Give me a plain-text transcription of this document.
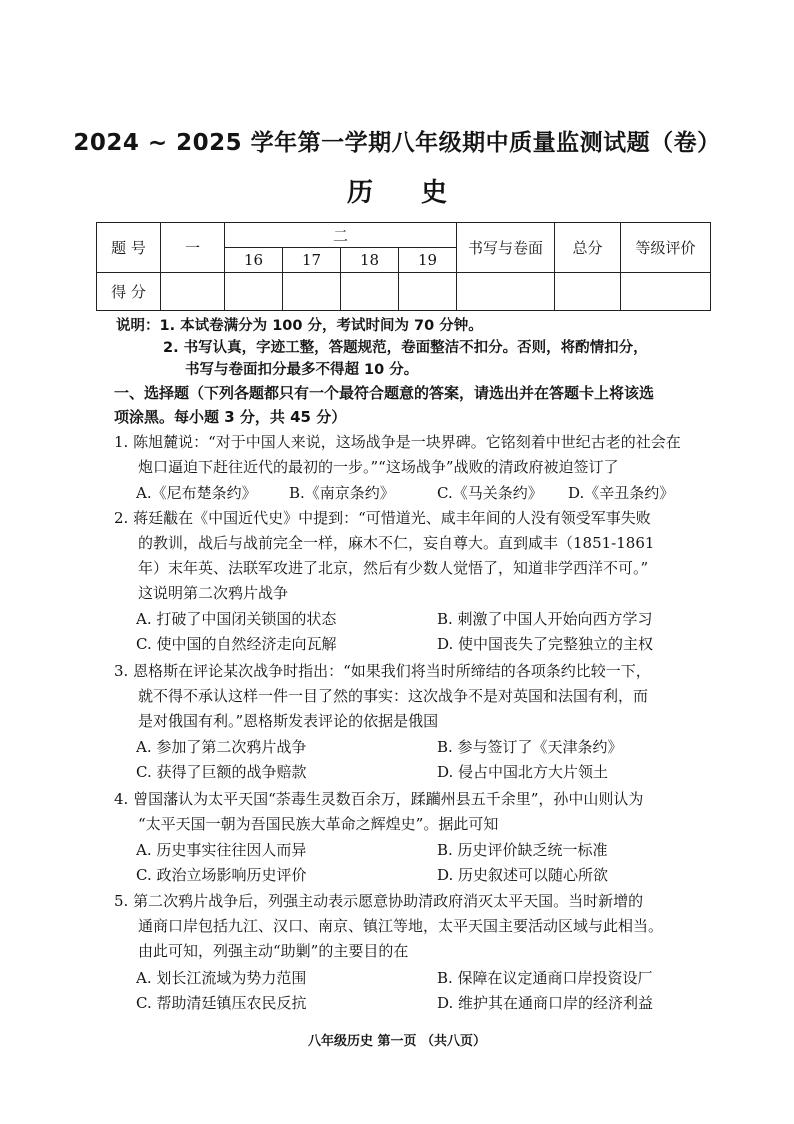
2024 ~ 2025 学年第一学期八年级期中质量监测试题（卷）
历史
题 号	一	二				书写与卷面	总分	等级评价
		16	17	18	19			
得 分								
说明：1. 本试卷满分为 100 分，考试时间为 70 分钟。
2. 书写认真，字迹工整，答题规范，卷面整洁不扣分。否则，将酌情扣分，
书写与卷面扣分最多不得超 10 分。
一、选择题（下列各题都只有一个最符合题意的答案，请选出并在答题卡上将该选
项涂黑。每小题 3 分，共 45 分）
1. 陈旭麓说：“对于中国人来说，这场战争是一块界碑。它铭刻着中世纪古老的社会在
炮口逼迫下赶往近代的最初的一步。”“这场战争”战败的清政府被迫签订了
A.《尼布楚条约》 B.《南京条约》	C.《马关条约》 D.《辛丑条约》
2. 蒋廷黻在《中国近代史》中提到：“可惜道光、咸丰年间的人没有领受军事失败
的教训，战后与战前完全一样，麻木不仁，妄自尊大。直到咸丰（1851-1861
年）末年英、法联军攻进了北京，然后有少数人觉悟了，知道非学西洋不可。”
这说明第二次鸦片战争
A. 打破了中国闭关锁国的状态	B. 刺激了中国人开始向西方学习
C. 使中国的自然经济走向瓦解	D. 使中国丧失了完整独立的主权
3. 恩格斯在评论某次战争时指出：“如果我们将当时所缔结的各项条约比较一下，
就不得不承认这样一件一目了然的事实：这次战争不是对英国和法国有利，而
是对俄国有利。”恩格斯发表评论的依据是俄国
A. 参加了第二次鸦片战争	B. 参与签订了《天津条约》
C. 获得了巨额的战争赔款	D. 侵占中国北方大片领土
4. 曾国藩认为太平天国“荼毒生灵数百余万，蹂躏州县五千余里”，孙中山则认为
“太平天国一朝为吾国民族大革命之辉煌史”。据此可知
A. 历史事实往往因人而异	B. 历史评价缺乏统一标准
C. 政治立场影响历史评价	D. 历史叙述可以随心所欲
5. 第二次鸦片战争后，列强主动表示愿意协助清政府消灭太平天国。当时新增的
通商口岸包括九江、汉口、南京、镇江等地，太平天国主要活动区域与此相当。
由此可知，列强主动“助剿”的主要目的在
A. 划长江流域为势力范围	B. 保障在议定通商口岸投资设厂
C. 帮助清廷镇压农民反抗	D. 维护其在通商口岸的经济利益
八年级历史 第一页 （共八页）
